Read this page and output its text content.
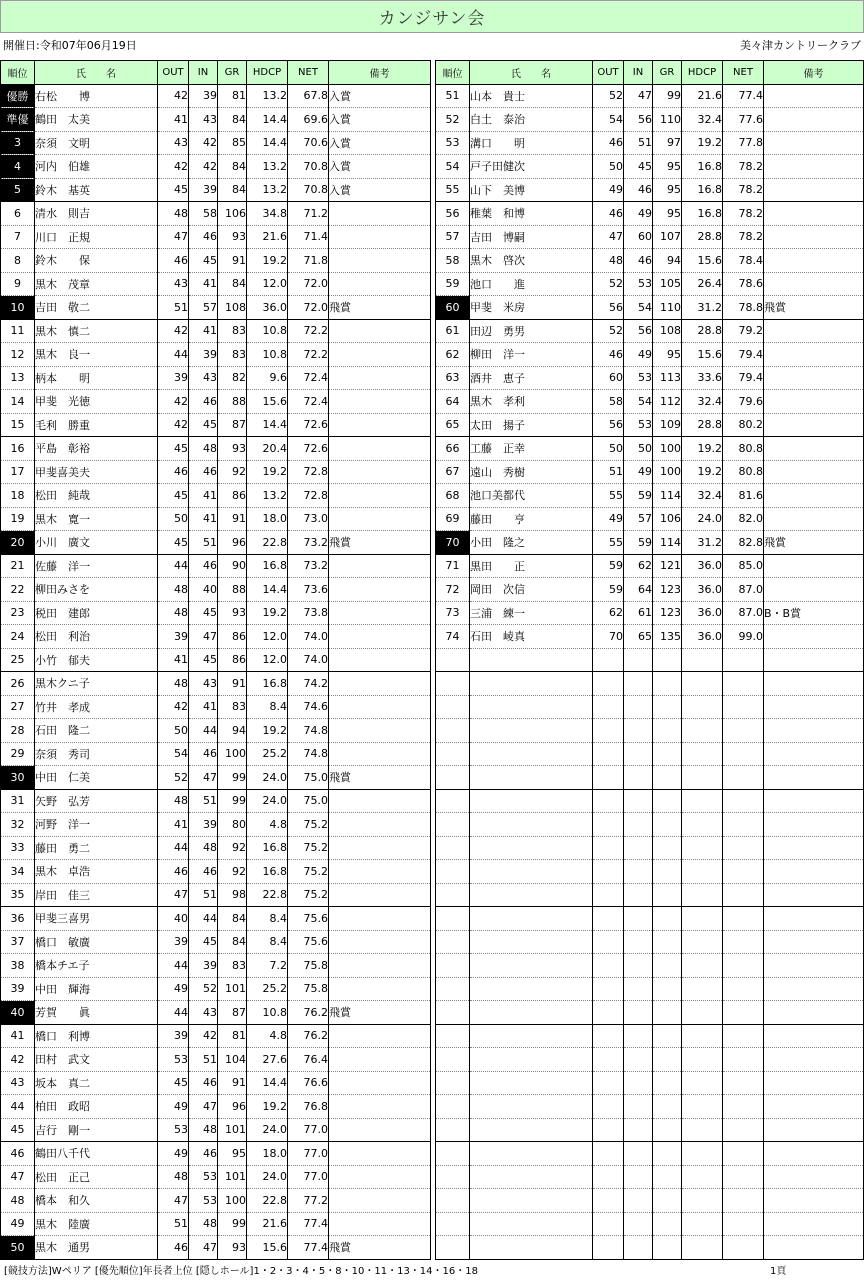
カンジサン会
開催日:令和07年06月19日	美々津カントリークラブ
順位	氏　　名	OUT	IN	GR	HDCP	NET	備考
優勝	右松　　博	42	39	81	13.2	67.8	入賞
準優	鶴田　太美	41	43	84	14.4	69.6	入賞
3	奈須　文明	43	42	85	14.4	70.6	入賞
4	河内　伯雄	42	42	84	13.2	70.8	入賞
5	鈴木　基英	45	39	84	13.2	70.8	入賞
6	清水　則吉	48	58	106	34.8	71.2	
7	川口　正規	47	46	93	21.6	71.4	
8	鈴木　　保	46	45	91	19.2	71.8	
9	黒木　茂章	43	41	84	12.0	72.0	
10	吉田　敬二	51	57	108	36.0	72.0	飛賞
11	黒木　慎二	42	41	83	10.8	72.2	
12	黒木　良一	44	39	83	10.8	72.2	
13	柄本　　明	39	43	82	9.6	72.4	
14	甲斐　光徳	42	46	88	15.6	72.4	
15	毛利　勝重	42	45	87	14.4	72.6	
16	平島　彰裕	45	48	93	20.4	72.6	
17	甲斐喜美夫	46	46	92	19.2	72.8	
18	松田　純哉	45	41	86	13.2	72.8	
19	黒木　寛一	50	41	91	18.0	73.0	
20	小川　廣文	45	51	96	22.8	73.2	飛賞
21	佐藤　洋一	44	46	90	16.8	73.2	
22	柳田みさを	48	40	88	14.4	73.6	
23	税田　建郎	48	45	93	19.2	73.8	
24	松田　利治	39	47	86	12.0	74.0	
25	小竹　郁夫	41	45	86	12.0	74.0	
26	黒木クニ子	48	43	91	16.8	74.2	
27	竹井　孝成	42	41	83	8.4	74.6	
28	石田　隆二	50	44	94	19.2	74.8	
29	奈須　秀司	54	46	100	25.2	74.8	
30	中田　仁美	52	47	99	24.0	75.0	飛賞
31	矢野　弘芳	48	51	99	24.0	75.0	
32	河野　洋一	41	39	80	4.8	75.2	
33	藤田　勇二	44	48	92	16.8	75.2	
34	黒木　卓浩	46	46	92	16.8	75.2	
35	岸田　佳三	47	51	98	22.8	75.2	
36	甲斐三喜男	40	44	84	8.4	75.6	
37	橋口　敏廣	39	45	84	8.4	75.6	
38	橋本チエ子	44	39	83	7.2	75.8	
39	中田　輝海	49	52	101	25.2	75.8	
40	芳賀　　眞	44	43	87	10.8	76.2	飛賞
41	橋口　利博	39	42	81	4.8	76.2	
42	田村　武文	53	51	104	27.6	76.4	
43	坂本　真二	45	46	91	14.4	76.6	
44	柏田　政昭	49	47	96	19.2	76.8	
45	吉行　剛一	53	48	101	24.0	77.0	
46	鶴田八千代	49	46	95	18.0	77.0	
47	松田　正己	48	53	101	24.0	77.0	
48	橋本　和久	47	53	100	22.8	77.2	
49	黒木　陸廣	51	48	99	21.6	77.4	
50	黒木　通男	46	47	93	15.6	77.4	飛賞
順位	氏　　名	OUT	IN	GR	HDCP	NET	備考
51	山本　貴士	52	47	99	21.6	77.4	
52	白土　泰治	54	56	110	32.4	77.6	
53	溝口　　明	46	51	97	19.2	77.8	
54	戸子田健次	50	45	95	16.8	78.2	
55	山下　美博	49	46	95	16.8	78.2	
56	稚葉　和博	46	49	95	16.8	78.2	
57	吉田　博嗣	47	60	107	28.8	78.2	
58	黒木　啓次	48	46	94	15.6	78.4	
59	池口　　進	52	53	105	26.4	78.6	
60	甲斐　米房	56	54	110	31.2	78.8	飛賞
61	田辺　勇男	52	56	108	28.8	79.2	
62	柳田　洋一	46	49	95	15.6	79.4	
63	酒井　恵子	60	53	113	33.6	79.4	
64	黒木　孝利	58	54	112	32.4	79.6	
65	太田　揚子	56	53	109	28.8	80.2	
66	工藤　正幸	50	50	100	19.2	80.8	
67	遠山　秀樹	51	49	100	19.2	80.8	
68	池口美都代	55	59	114	32.4	81.6	
69	藤田　　亨	49	57	106	24.0	82.0	
70	小田　隆之	55	59	114	31.2	82.8	飛賞
71	黒田　　正	59	62	121	36.0	85.0	
72	岡田　次信	59	64	123	36.0	87.0	
73	三浦　練一	62	61	123	36.0	87.0	B・B賞
74	石田　崚真	70	65	135	36.0	99.0	

[競技方法]Wペリア [優先順位]年長者上位 [隠しホール]1・2・3・4・5・8・10・11・13・14・16・18	1頁
